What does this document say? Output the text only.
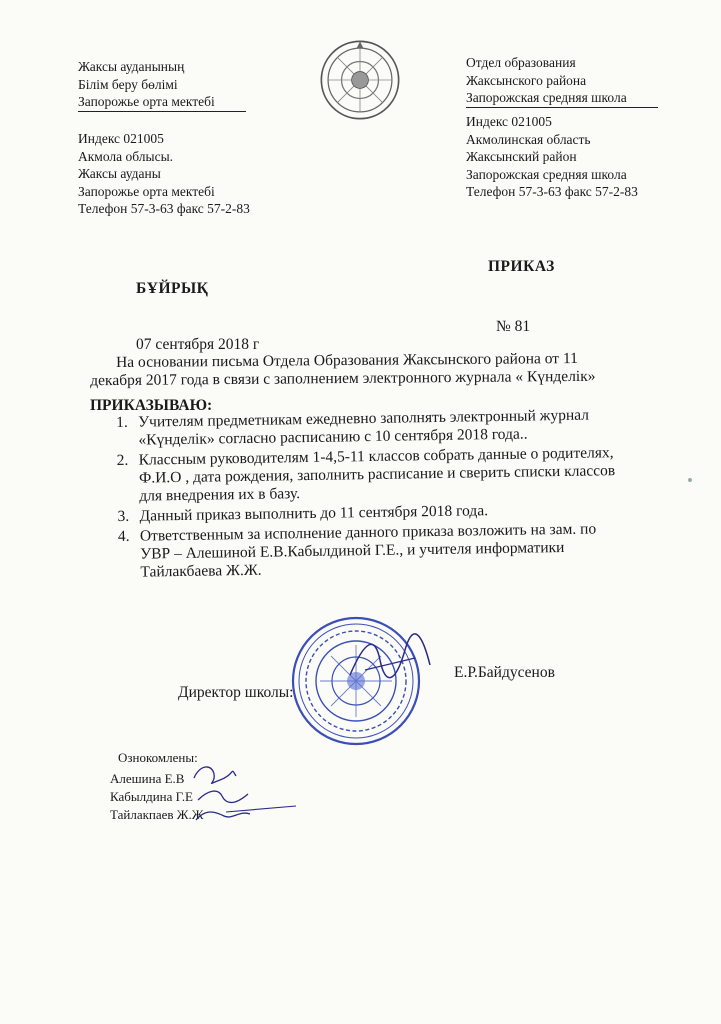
Жаксы ауданының
Білім беру бөлімі
Запорожье орта мектебі
Индекс 021005
Акмола облысы.
Жаксы ауданы
Запорожье орта мектебі
Телефон 57-3-63 факс 57-2-83
Отдел образования
Жаксынского района
Запорожская средняя школа
Индекс 021005
Акмолинская область
Жаксынский район
Запорожская средняя школа
Телефон 57-3-63 факс 57-2-83
БҰЙРЫҚ
ПРИКАЗ
07 сентября 2018 г
№ 81
На основании письма Отдела Образования Жаксынского района от 11
декабря 2017 года в связи с заполнением электронного журнала « Күнделік»
ПРИКАЗЫВАЮ:
1. Учителям предметникам ежедневно заполнять электронный журнал
«Күнделік» согласно расписанию с 10 сентября 2018 года..
2. Классным руководителям 1-4,5-11 классов собрать данные о родителях,
Ф.И.О , дата рождения, заполнить расписание и сверить списки классов
для внедрения их в базу.
3. Данный приказ выполнить до 11 сентября 2018 года.
4. Ответственным за исполнение данного приказа возложить на зам. по
УВР – Алешиной Е.В.Кабылдиной Г.Е., и учителя информатики
Тайлакбаева Ж.Ж.
Директор школы:
Е.Р.Байдусенов
Ознокомлены:
Алешина Е.В
Кабылдина Г.Е
Тайлакпаев Ж.Ж
